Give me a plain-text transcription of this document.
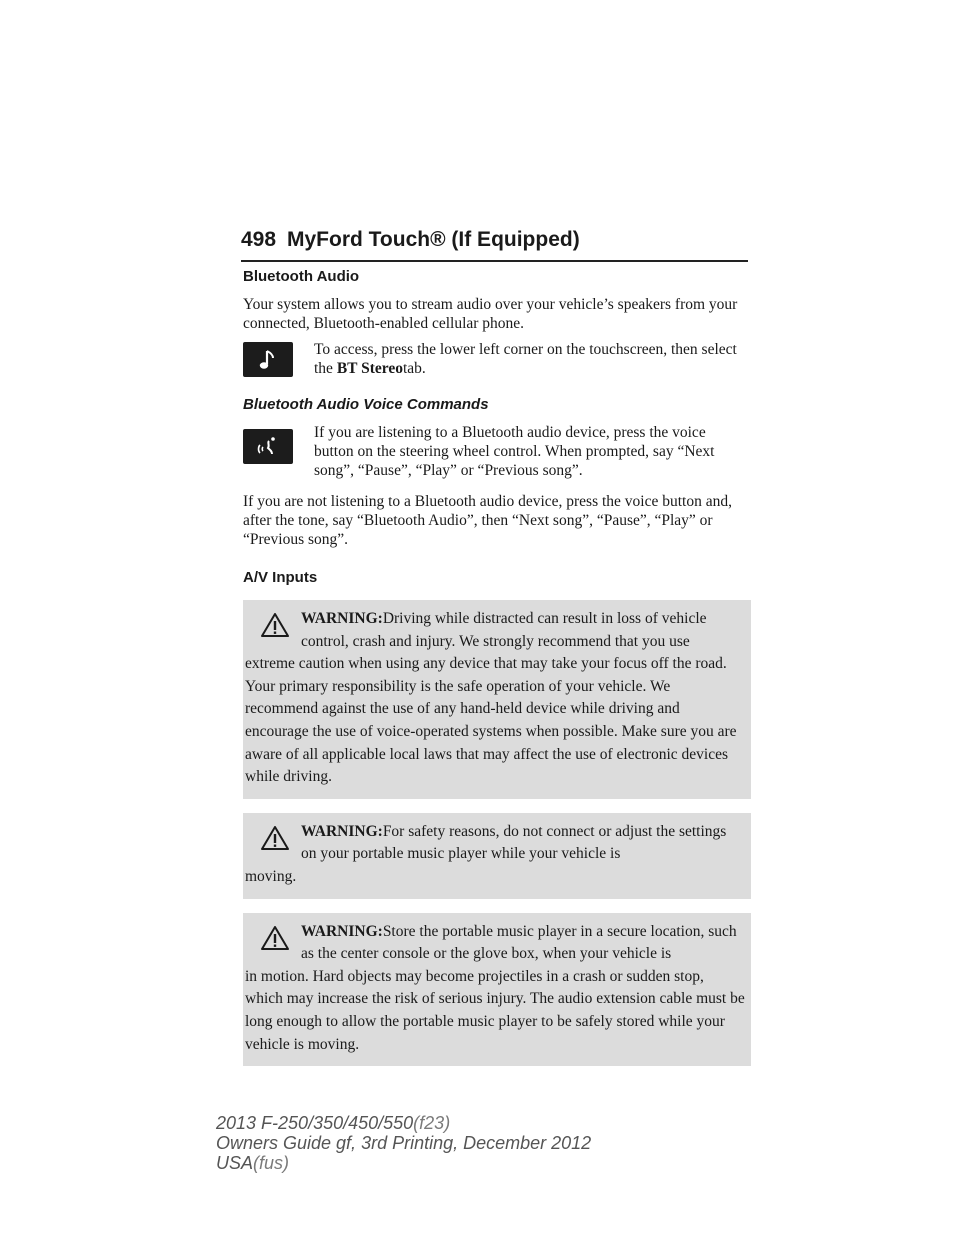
498 MyFord Touch® (If Equipped)
Bluetooth Audio

Your system allows you to stream audio over your vehicle’s speakers from your connected, Bluetooth-enabled cellular phone.

To access, press the lower left corner on the touchscreen, then select the BT Stereotab.

Bluetooth Audio Voice Commands

If you are listening to a Bluetooth audio device, press the voice button on the steering wheel control. When prompted, say “Next song”, “Pause”, “Play” or “Previous song”.

If you are not listening to a Bluetooth audio device, press the voice button and, after the tone, say “Bluetooth Audio”, then “Next song”, “Pause”, “Play” or “Previous song”.

A/V Inputs

WARNING:Driving while distracted can result in loss of vehicle control, crash and injury. We strongly recommend that you use

extreme caution when using any device that may take your focus off the road. Your primary responsibility is the safe operation of your vehicle. We recommend against the use of any hand-held device while driving and encourage the use of voice-operated systems when possible. Make sure you are aware of all applicable local laws that may affect the use of electronic devices while driving.

WARNING:For safety reasons, do not connect or adjust the settings on your portable music player while your vehicle is

moving.

WARNING:Store the portable music player in a secure location, such as the center console or the glove box, when your vehicle is

in motion. Hard objects may become projectiles in a crash or sudden stop, which may increase the risk of serious injury. The audio extension cable must be long enough to allow the portable music player to be safely stored while your vehicle is moving.

2013 F-250/350/450/550(f23)
Owners Guide gf, 3rd Printing, December 2012
USA(fus)
